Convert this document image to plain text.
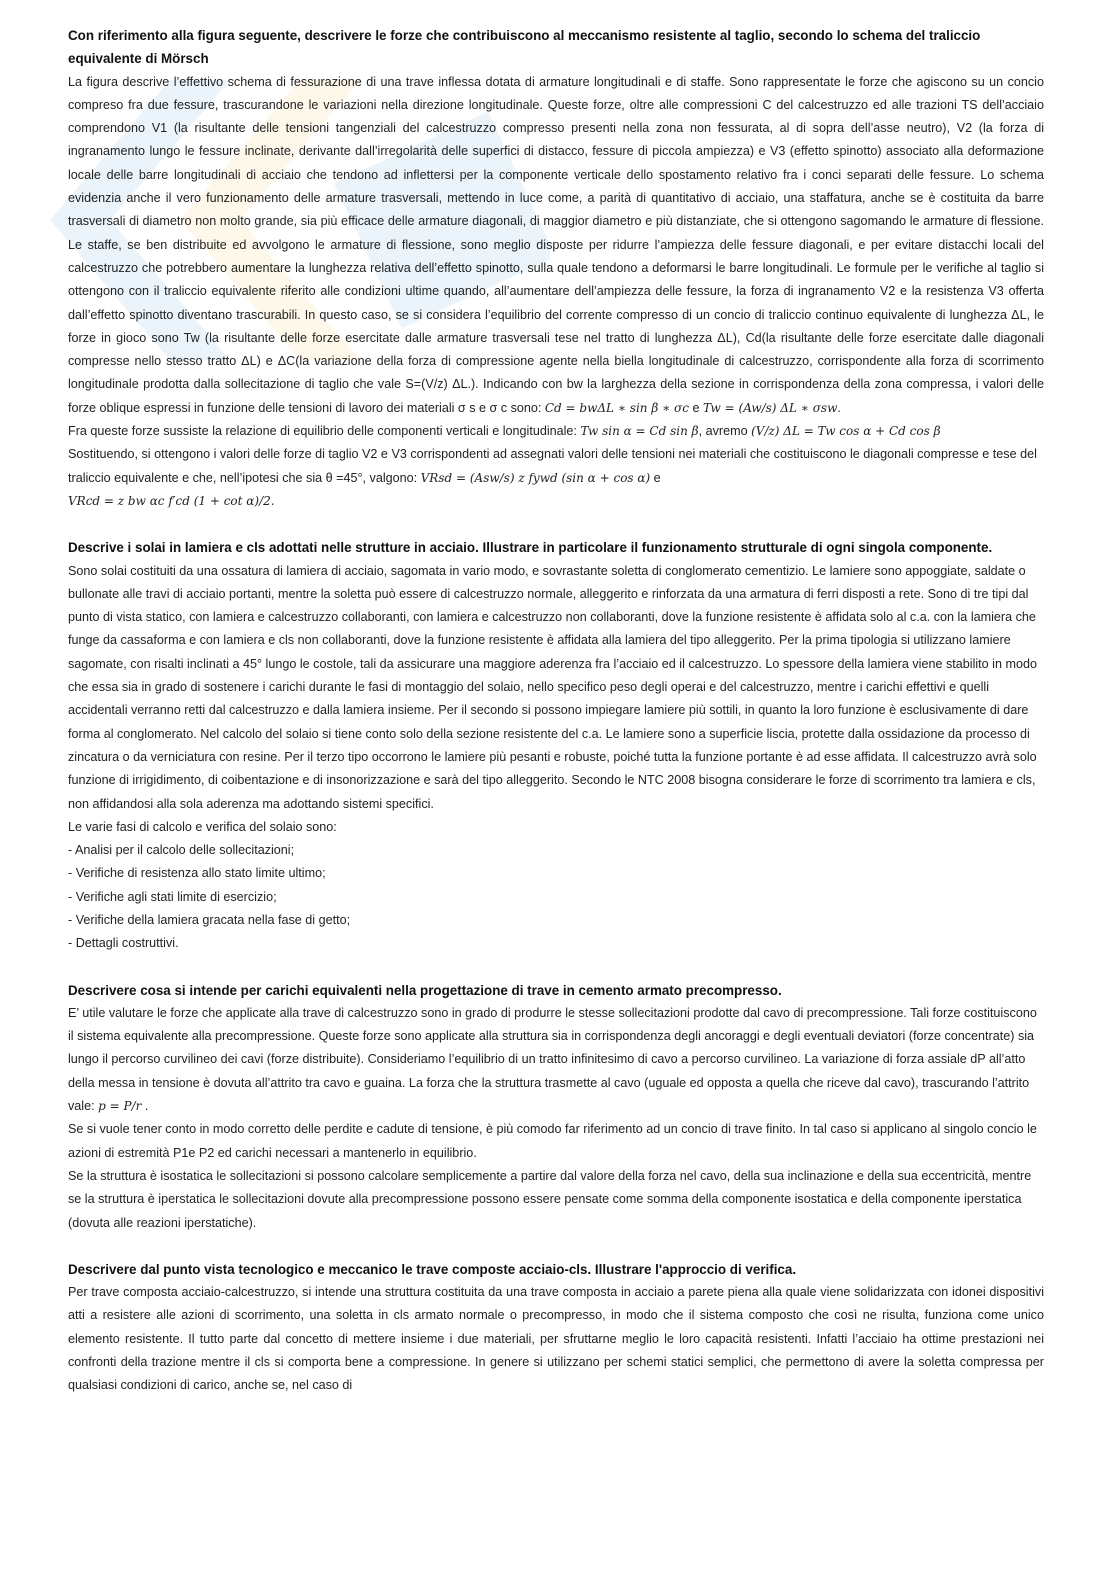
Con riferimento alla figura seguente, descrivere le forze che contribuiscono al meccanismo resistente al taglio, secondo lo schema del traliccio equivalente di Mörsch

La figura descrive l’effettivo schema di fessurazione di una trave inflessa dotata di armature longitudinali e di staffe. Sono rappresentate le forze che agiscono su un concio compreso fra due fessure, trascurandone le variazioni nella direzione longitudinale. Queste forze, oltre alle compressioni C del calcestruzzo ed alle trazioni TS dell’acciaio comprendono V1 (la risultante delle tensioni tangenziali del calcestruzzo compresso presenti nella zona non fessurata, al di sopra dell’asse neutro), V2 (la forza di ingranamento lungo le fessure inclinate, derivante dall’irregolarità delle superfici di distacco, fessure di piccola ampiezza) e V3 (effetto spinotto) associato alla deformazione locale delle barre longitudinali di acciaio che tendono ad inflettersi per la componente verticale dello spostamento relativo fra i conci separati delle fessure. Lo schema evidenzia anche il vero funzionamento delle armature trasversali, mettendo in luce come, a parità di quantitativo di acciaio, una staffatura, anche se è costituita da barre trasversali di diametro non molto grande, sia più efficace delle armature diagonali, di maggior diametro e più distanziate, che si ottengono sagomando le armature di flessione. Le staffe, se ben distribuite ed avvolgono le armature di flessione, sono meglio disposte per ridurre l’ampiezza delle fessure diagonali, e per evitare distacchi locali del calcestruzzo che potrebbero aumentare la lunghezza relativa dell’effetto spinotto, sulla quale tendono a deformarsi le barre longitudinali. Le formule per le verifiche al taglio si ottengono con il traliccio equivalente riferito alle condizioni ultime quando, all’aumentare dell’ampiezza delle fessure, la forza di ingranamento V2 e la resistenza V3 offerta dall’effetto spinotto diventano trascurabili. In questo caso, se si considera l’equilibrio del corrente compresso di un concio di traliccio continuo equivalente di lunghezza ΔL, le forze in gioco sono Tw (la risultante delle forze esercitate dalle armature trasversali tese nel tratto di lunghezza ΔL), Cd(la risultante delle forze esercitate dalle diagonali compresse nello stesso tratto ΔL) e ΔC(la variazione della forza di compressione agente nella biella longitudinale di calcestruzzo, corrispondente alla forza di scorrimento longitudinale prodotta dalla sollecitazione di taglio che vale S=(V/z) ΔL.). Indicando con bw la larghezza della sezione in corrispondenza della zona compressa, i valori delle forze oblique espressi in funzione delle tensioni di lavoro dei materiali σ s e σ c sono: Cd = bwΔL ∗ sin β ∗ σc e Tw = (Aw/s) ΔL ∗ σsw.

Fra queste forze sussiste la relazione di equilibrio delle componenti verticali e longitudinale: Tw sin α = Cd sin β, avremo (V/z) ΔL = Tw cos α + Cd cos β

Sostituendo, si ottengono i valori delle forze di taglio V2 e V3 corrispondenti ad assegnati valori delle tensioni nei materiali che costituiscono le diagonali compresse e tese del traliccio equivalente e che, nell’ipotesi che sia θ =45°, valgono: VRsd = (Asw/s) z fywd (sin α + cos α) e

VRcd = z bw αc f′cd (1 + cot α)/2.

Descrive i solai in lamiera e cls adottati nelle strutture in acciaio. Illustrare in particolare il funzionamento strutturale di ogni singola componente.

Sono solai costituiti da una ossatura di lamiera di acciaio, sagomata in vario modo, e sovrastante soletta di conglomerato cementizio. Le lamiere sono appoggiate, saldate o bullonate alle travi di acciaio portanti, mentre la soletta può essere di calcestruzzo normale, alleggerito e rinforzata da una armatura di ferri disposti a rete. Sono di tre tipi dal punto di vista statico, con lamiera e calcestruzzo collaboranti, con lamiera e calcestruzzo non collaboranti, dove la funzione resistente è affidata solo al c.a. con la lamiera che funge da cassaforma e con lamiera e cls non collaboranti, dove la funzione resistente è affidata alla lamiera del tipo alleggerito. Per la prima tipologia si utilizzano lamiere sagomate, con risalti inclinati a 45° lungo le costole, tali da assicurare una maggiore aderenza fra l’acciaio ed il calcestruzzo. Lo spessore della lamiera viene stabilito in modo che essa sia in grado di sostenere i carichi durante le fasi di montaggio del solaio, nello specifico peso degli operai e del calcestruzzo, mentre i carichi effettivi e quelli accidentali verranno retti dal calcestruzzo e dalla lamiera insieme. Per il secondo si possono impiegare lamiere più sottili, in quanto la loro funzione è esclusivamente di dare forma al conglomerato. Nel calcolo del solaio si tiene conto solo della sezione resistente del c.a. Le lamiere sono a superficie liscia, protette dalla ossidazione da processo di zincatura o da verniciatura con resine. Per il terzo tipo occorrono le lamiere più pesanti e robuste, poiché tutta la funzione portante è ad esse affidata. Il calcestruzzo avrà solo funzione di irrigidimento, di coibentazione e di insonorizzazione e sarà del tipo alleggerito. Secondo le NTC 2008 bisogna considerare le forze di scorrimento tra lamiera e cls, non affidandosi alla sola aderenza ma adottando sistemi specifici.

Le varie fasi di calcolo e verifica del solaio sono:

- Analisi per il calcolo delle sollecitazioni;
- Verifiche di resistenza allo stato limite ultimo;
- Verifiche agli stati limite di esercizio;
- Verifiche della lamiera gracata nella fase di getto;
- Dettagli costruttivi.

Descrivere cosa si intende per carichi equivalenti nella progettazione di trave in cemento armato precompresso.

E’ utile valutare le forze che applicate alla trave di calcestruzzo sono in grado di produrre le stesse sollecitazioni prodotte dal cavo di precompressione. Tali forze costituiscono il sistema equivalente alla precompressione. Queste forze sono applicate alla struttura sia in corrispondenza degli ancoraggi e degli eventuali deviatori (forze concentrate) sia lungo il percorso curvilineo dei cavi (forze distribuite). Consideriamo l’equilibrio di un tratto infinitesimo di cavo a percorso curvilineo. La variazione di forza assiale dP all’atto della messa in tensione è dovuta all’attrito tra cavo e guaina. La forza che la struttura trasmette al cavo (uguale ed opposta a quella che riceve dal cavo), trascurando l’attrito vale: p = P/r .

Se si vuole tener conto in modo corretto delle perdite e cadute di tensione, è più comodo far riferimento ad un concio di trave finito. In tal caso si applicano al singolo concio le azioni di estremità P1e P2 ed carichi necessari a mantenerlo in equilibrio.

Se la struttura è isostatica le sollecitazioni si possono calcolare semplicemente a partire dal valore della forza nel cavo, della sua inclinazione e della sua eccentricità, mentre se la struttura è iperstatica le sollecitazioni dovute alla precompressione possono essere pensate come somma della componente isostatica e della componente iperstatica (dovuta alle reazioni iperstatiche).

Descrivere dal punto vista tecnologico e meccanico le trave composte acciaio-cls. Illustrare l'approccio di verifica.

Per trave composta acciaio-calcestruzzo, si intende una struttura costituita da una trave composta in acciaio a parete piena alla quale viene solidarizzata con idonei dispositivi atti a resistere alle azioni di scorrimento, una soletta in cls armato normale o precompresso, in modo che il sistema composto che così ne risulta, funziona come unico elemento resistente. Il tutto parte dal concetto di mettere insieme i due materiali, per sfruttarne meglio le loro capacità resistenti. Infatti l’acciaio ha ottime prestazioni nei confronti della trazione mentre il cls si comporta bene a compressione. In genere si utilizzano per schemi statici semplici, che permettono di avere la soletta compressa per qualsiasi condizioni di carico, anche se, nel caso di
